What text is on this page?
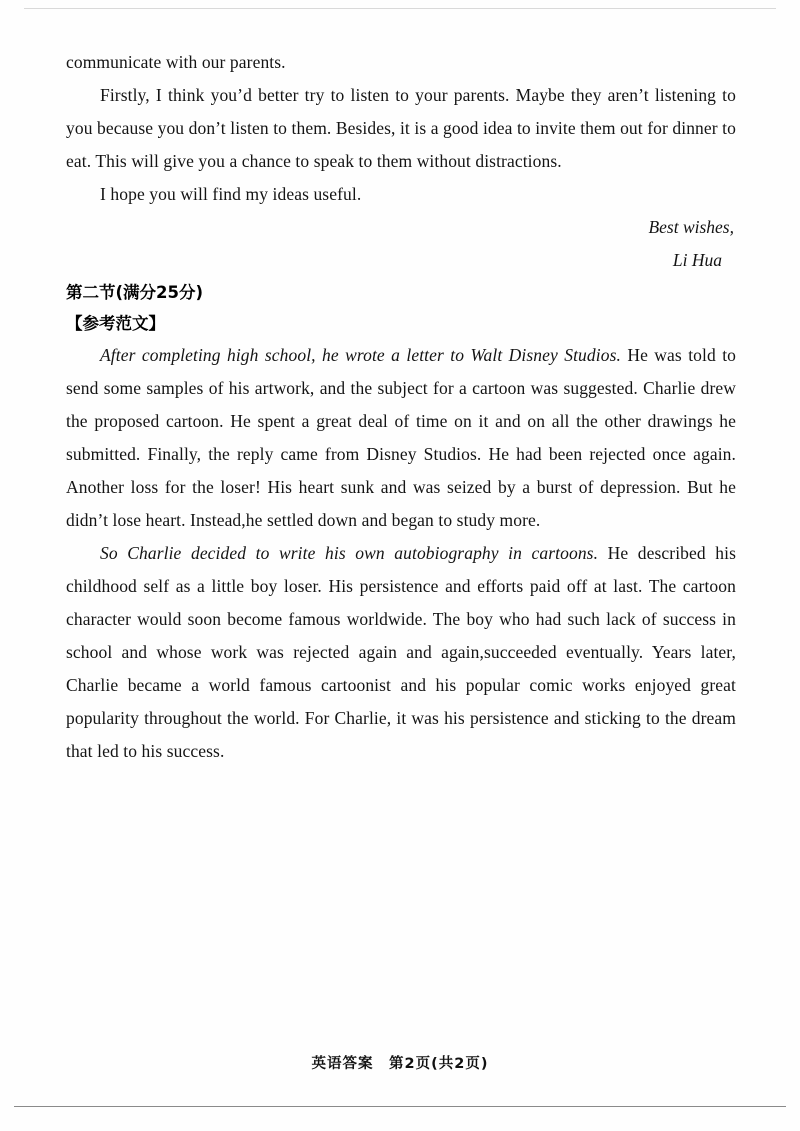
communicate with our parents.

Firstly, I think you’d better try to listen to your parents. Maybe they aren’t listening to you because you don’t listen to them. Besides, it is a good idea to invite them out for dinner to eat. This will give you a chance to speak to them without distractions.

I hope you will find my ideas useful.

Best wishes,

Li Hua

第二节(满分25分)

【参考范文】

After completing high school, he wrote a letter to Walt Disney Studios. He was told to send some samples of his artwork, and the subject for a cartoon was suggested. Charlie drew the proposed cartoon. He spent a great deal of time on it and on all the other drawings he submitted. Finally, the reply came from Disney Studios. He had been rejected once again. Another loss for the loser! His heart sunk and was seized by a burst of depression. But he didn’t lose heart. Instead,he settled down and began to study more.

So Charlie decided to write his own autobiography in cartoons. He described his childhood self as a little boy loser. His persistence and efforts paid off at last. The cartoon character would soon become famous worldwide. The boy who had such lack of success in school and whose work was rejected again and again,succeeded eventually. Years later, Charlie became a world famous cartoonist and his popular comic works enjoyed great popularity throughout the world. For Charlie, it was his persistence and sticking to the dream that led to his success.

英语答案　第2页(共2页)
